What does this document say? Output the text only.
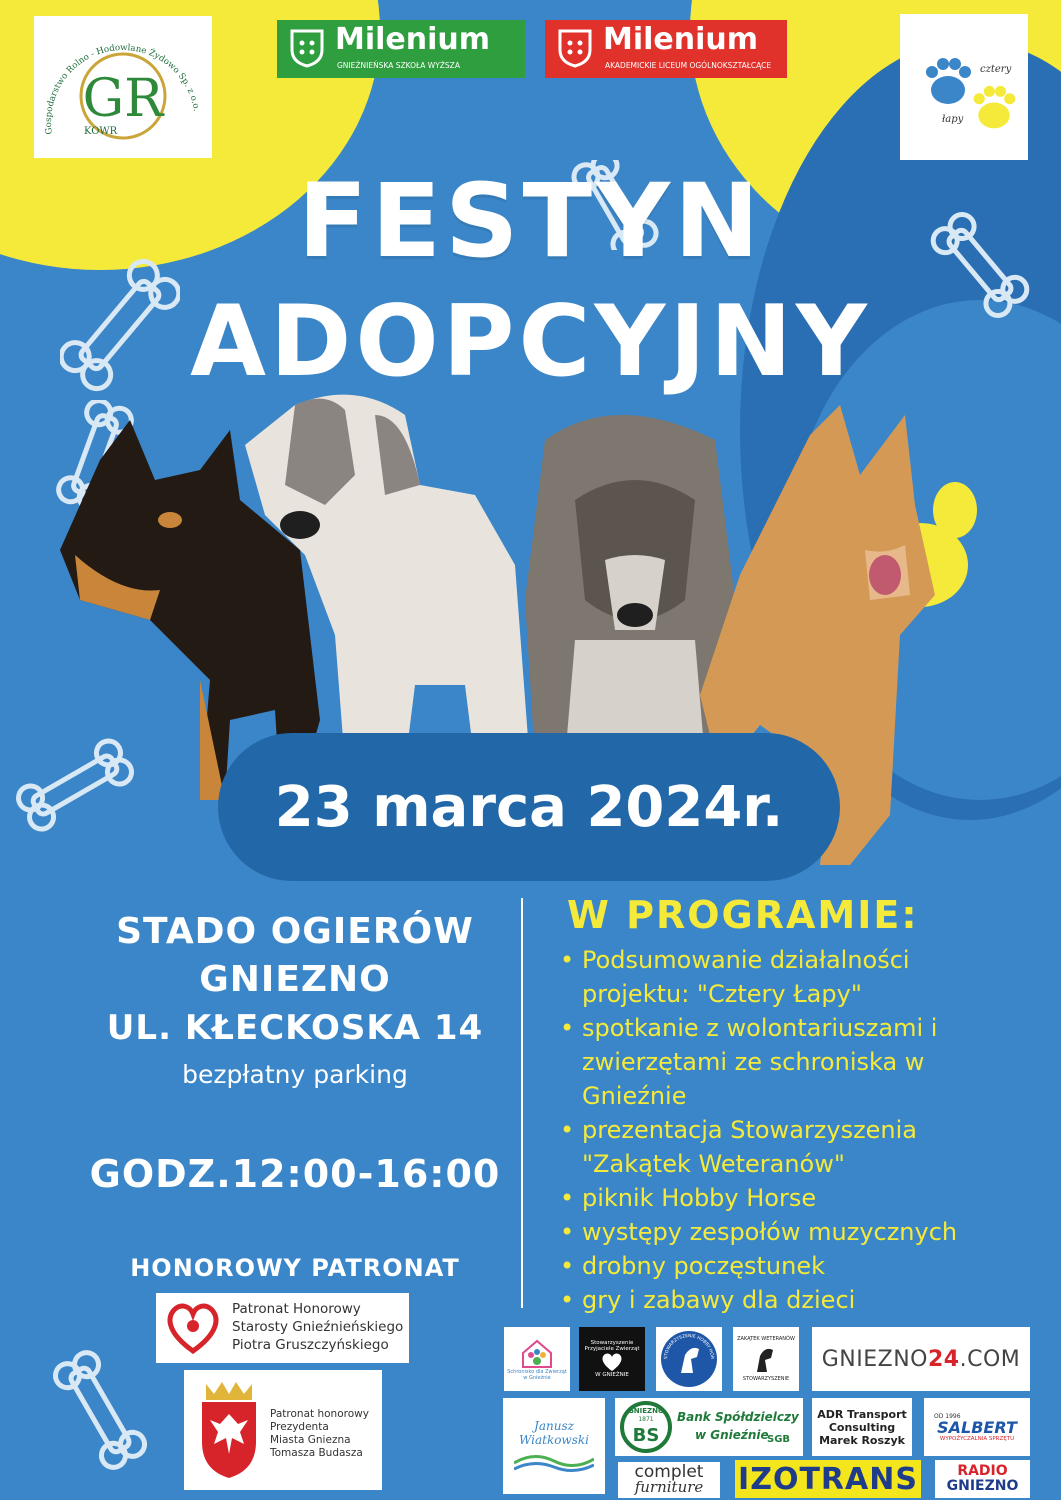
Gospodarstwo Rolno - Hodowlane Żydowo Sp. z o.o.
GR
KOWR
Milenium
GNIEŹNIEŃSKA SZKOŁA WYŻSZA
Milenium
AKADEMICKIE LICEUM OGÓLNOKSZTAŁCĄCE	cztery
łapy
FESTYN
ADOPCYJNY
23 marca 2024r.
STADO OGIERÓW
GNIEZNO
UL. KŁECKOSKA 14
bezpłatny parking
GODZ.12:00-16:00
HONOROWY PATRONAT
Patronat Honorowy
Starosty Gnieźnieńskiego
Piotra Gruszczyńskiego
Patronat honorowy
Prezydenta
Miasta Gniezna
Tomasza Budasza
W PROGRAMIE:
• Podsumowanie działalności projektu: "Cztery Łapy"
• spotkanie z wolontariuszami i zwierzętami ze schroniska w Gnieźnie
• prezentacja Stowarzyszenia "Zakątek Weteranów"
• piknik Hobby Horse
• występy zespołów muzycznych
• drobny poczęstunek
• gry i zabawy dla dzieci
Schronisko dla Zwierząt w Gnieźnie
Stowarzyszenie Przyjaciele Zwierząt
W GNIEŹNIE
STOWARZYSZENIE HOBBY HOR
ZAKĄTEK WETERANÓW
STOWARZYSZENIE
GNIEZNO 24 .COM
Janusz
Wiatkowski
GNIEZNO
1871
BS
Bank Spółdzielczy
w Gnieźnie
SGB
ADR Transport
Consulting
Marek Roszyk
OD 1996
SALBERT
WYPOŻYCZALNIA SPRZĘTU
complet
furniture IZOTRANS	RADIO
GNIEZNO
